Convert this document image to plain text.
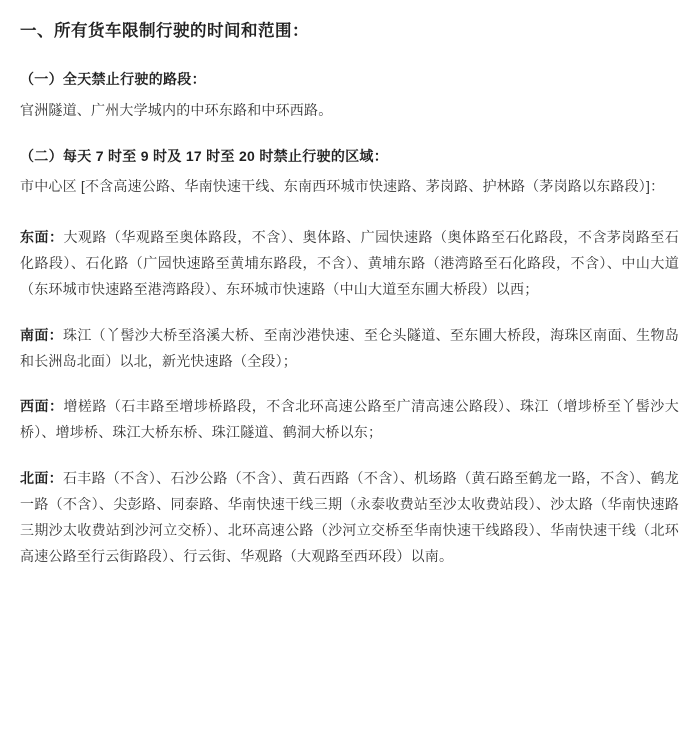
一、所有货车限制行驶的时间和范围：
（一）全天禁止行驶的路段：

官洲隧道、广州大学城内的中环东路和中环西路。

（二）每天 7 时至 9 时及 17 时至 20 时禁止行驶的区域：

市中心区 [不含高速公路、华南快速干线、东南西环城市快速路、茅岗路、护林路（茅岗路以东路段）]：

东面：大观路（华观路至奥体路段，不含）、奥体路、广园快速路（奥体路至石化路段，不含茅岗路至石化路段）、石化路（广园快速路至黄埔东路段，不含）、黄埔东路（港湾路至石化路段，不含）、中山大道（东环城市快速路至港湾路段）、东环城市快速路（中山大道至东圃大桥段）以西；

南面：珠江（丫髻沙大桥至洛溪大桥、至南沙港快速、至仑头隧道、至东圃大桥段，海珠区南面、生物岛和长洲岛北面）以北，新光快速路（全段）；

西面：增槎路（石丰路至增埗桥路段，不含北环高速公路至广清高速公路段）、珠江（增埗桥至丫髻沙大桥）、增埗桥、珠江大桥东桥、珠江隧道、鹤洞大桥以东；

北面：石丰路（不含）、石沙公路（不含）、黄石西路（不含）、机场路（黄石路至鹤龙一路，不含）、鹤龙一路（不含）、尖彭路、同泰路、华南快速干线三期（永泰收费站至沙太收费站段）、沙太路（华南快速路三期沙太收费站到沙河立交桥）、北环高速公路（沙河立交桥至华南快速干线路段）、华南快速干线（北环高速公路至行云街路段）、行云街、华观路（大观路至西环段）以南。
